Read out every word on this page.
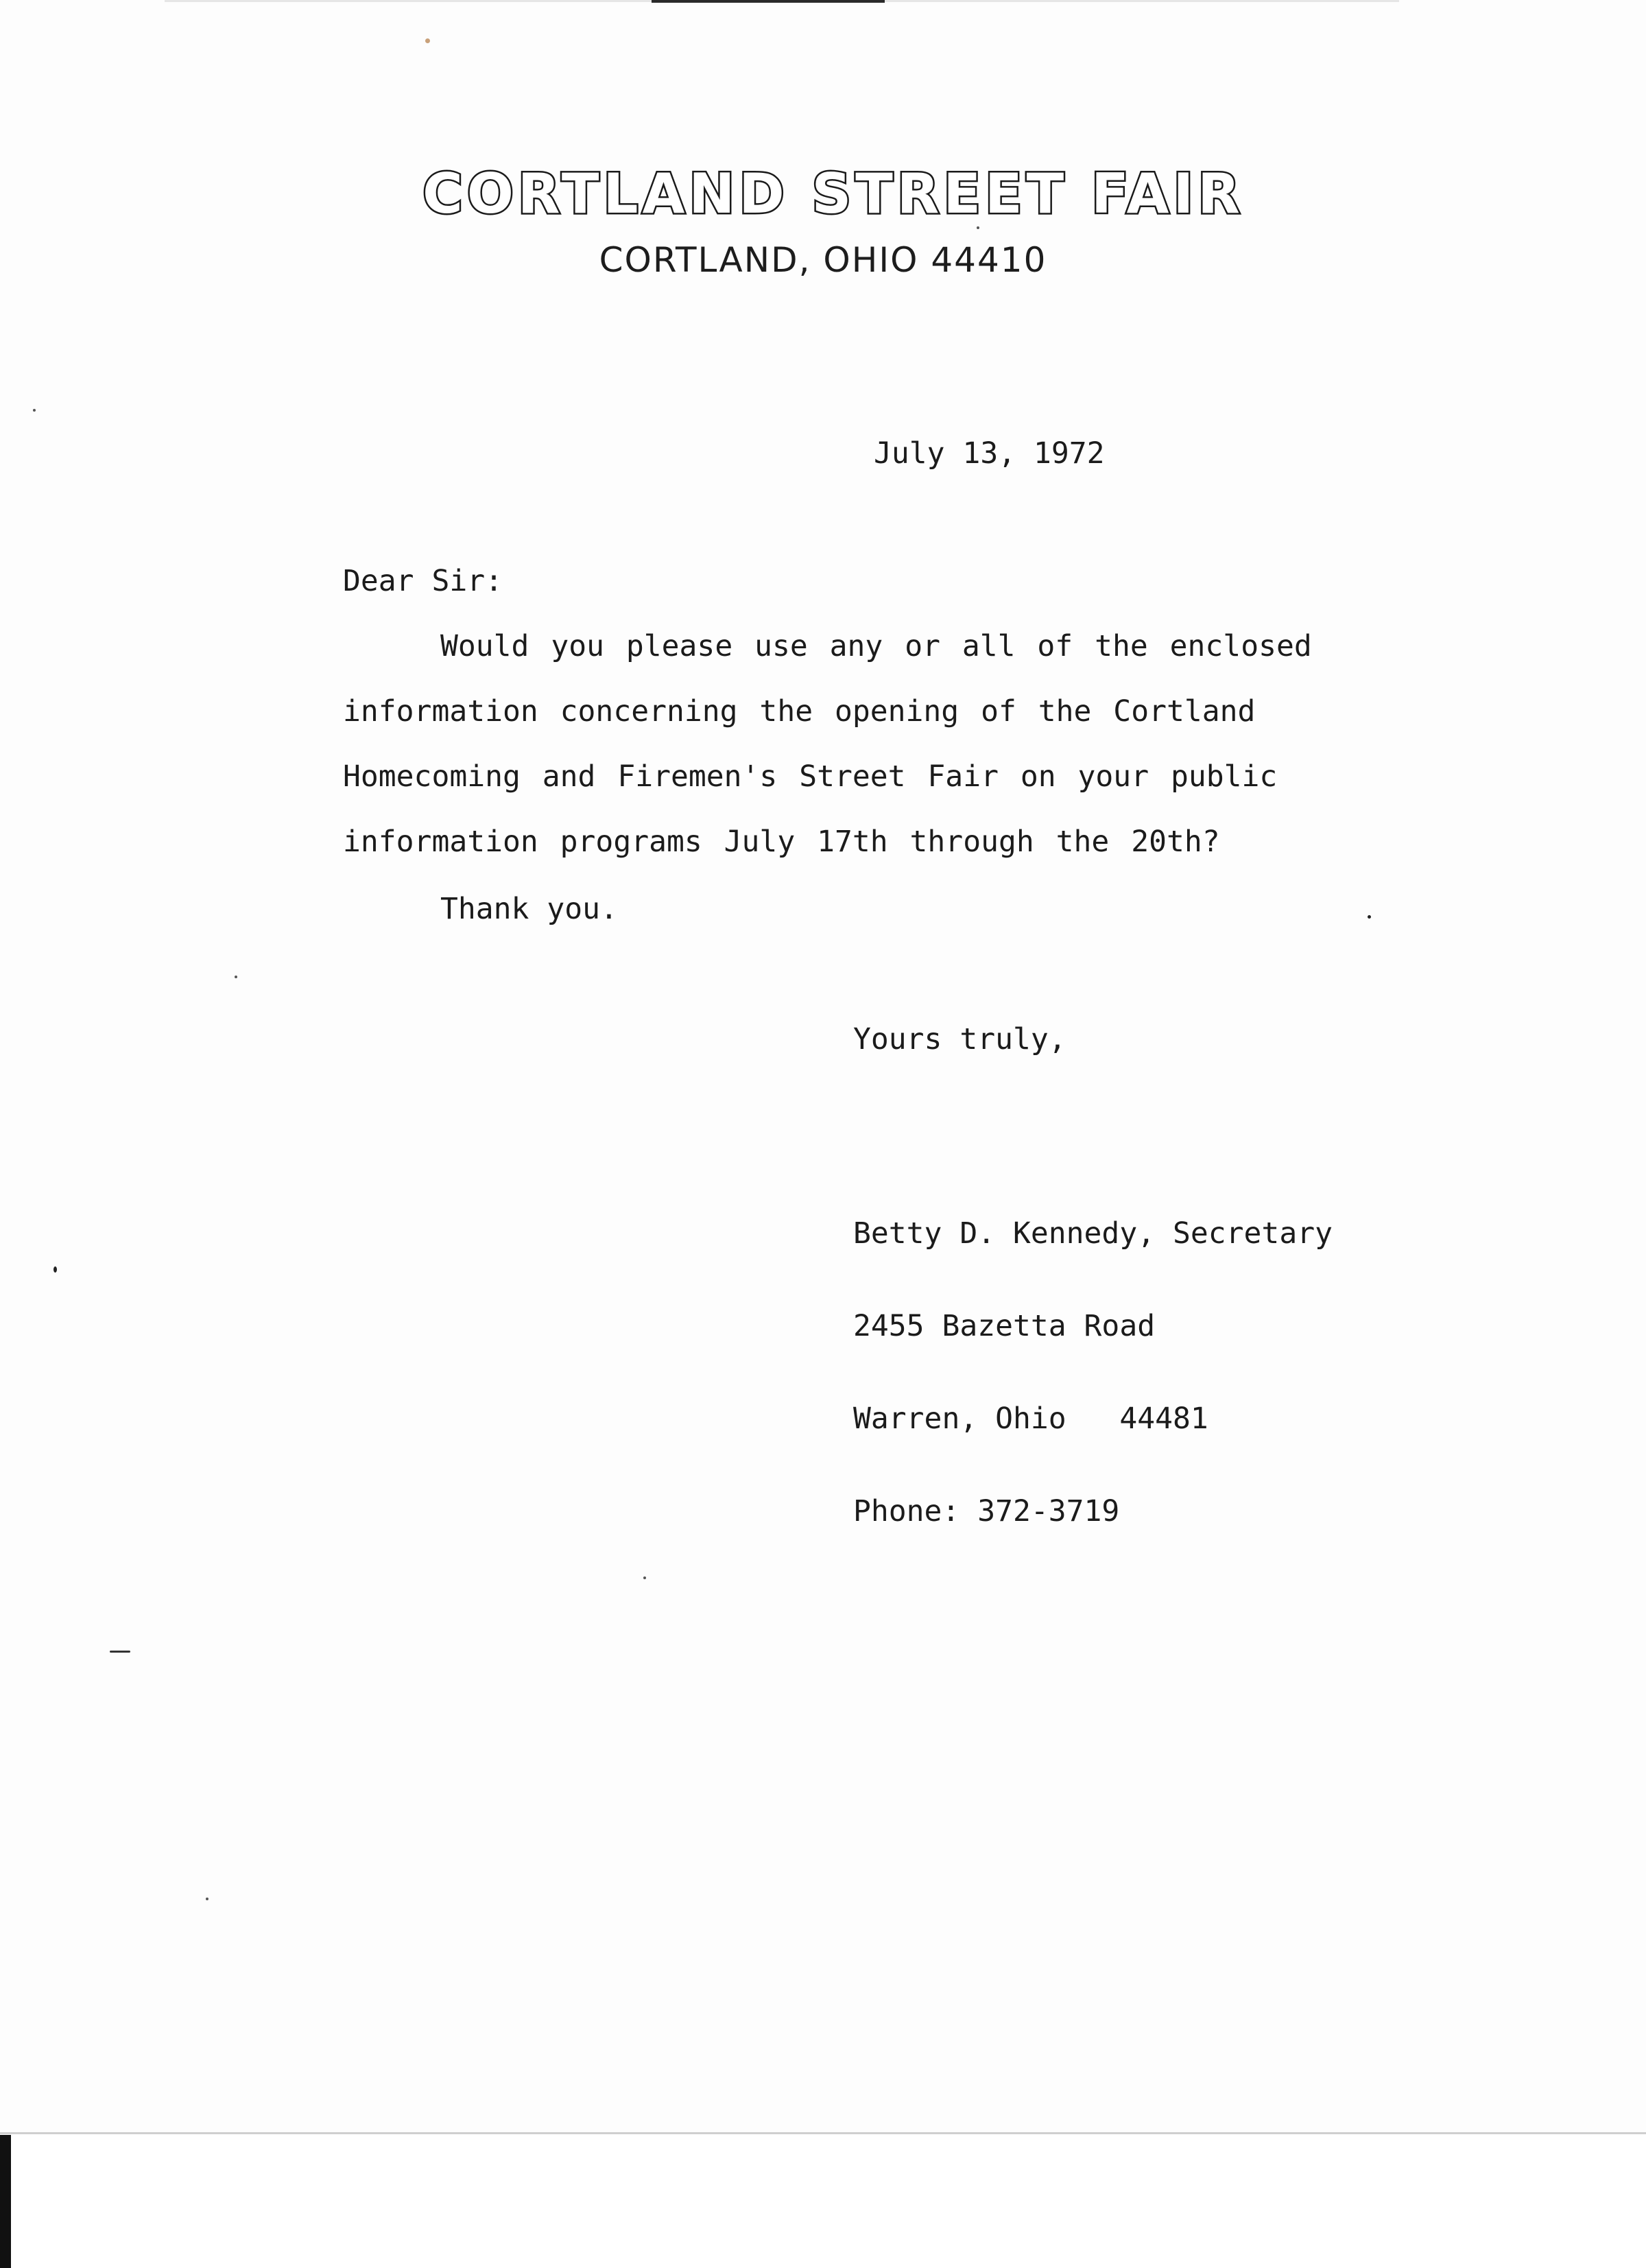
CORTLAND STREET FAIR
CORTLAND, OHIO 44410
July 13, 1972
Dear Sir:
Would you please use any or all of the enclosed
information concerning the opening of the Cortland
Homecoming and Firemen's Street Fair on your public
information programs July 17th through the 20th?
Thank you.
Yours truly,

Betty D. Kennedy, Secretary

2455 Bazetta Road

Warren, Ohio   44481

Phone: 372-3719
